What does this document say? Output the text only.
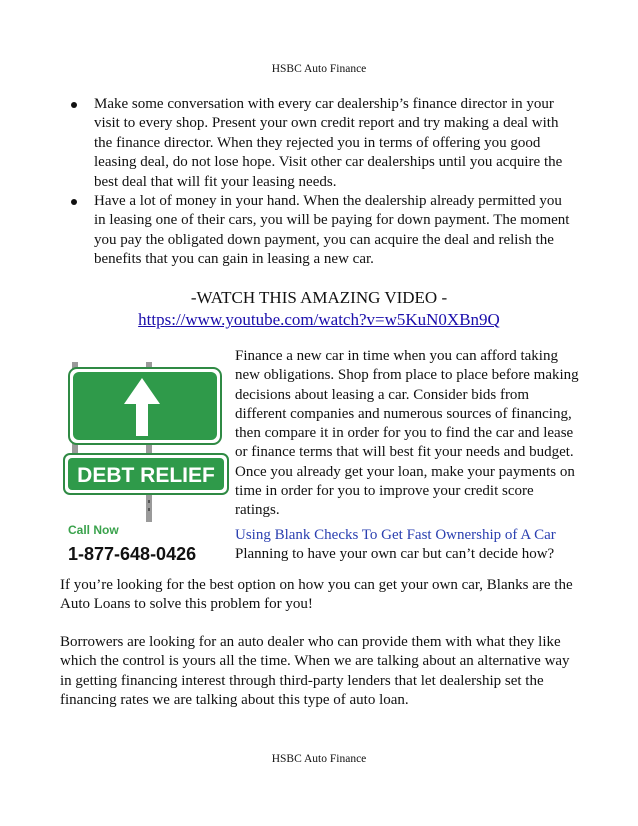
HSBC Auto Finance
Make some conversation with every car dealership’s finance director in your visit to every shop. Present your own credit report and try making a deal with the finance director. When they rejected you in terms of offering you good leasing deal, do not lose hope. Visit other car dealerships until you acquire the best deal that will fit your leasing needs.
Have a lot of money in your hand. When the dealership already permitted you in leasing one of their cars, you will be paying for down payment. The moment you pay the obligated down payment, you can acquire the deal and relish the benefits that you can gain in leasing a new car.
-WATCH THIS AMAZING VIDEO -
https://www.youtube.com/watch?v=w5KuN0XBn9Q
DEBT RELIEF
Call Now
1-877-648-0426

Finance a new car in time when you can afford taking new obligations. Shop from place to place before making decisions about leasing a car. Consider bids from different companies and numerous sources of financing, then compare it in order for you to find the car and lease or finance terms that will best fit your needs and budget. Once you already get your loan, make your payments on time in order for you to improve your credit score ratings.

Using Blank Checks To Get Fast Ownership of A Car
Planning to have your own car but can’t decide how?

If you’re looking for the best option on how you can get your own car, Blanks are the Auto Loans to solve this problem for you!

Borrowers are looking for an auto dealer who can provide them with what they like which the control is yours all the time. When we are talking about an alternative way in getting financing interest through third-party lenders that let dealership set the financing rates we are talking about this type of auto loan.

HSBC Auto Finance
